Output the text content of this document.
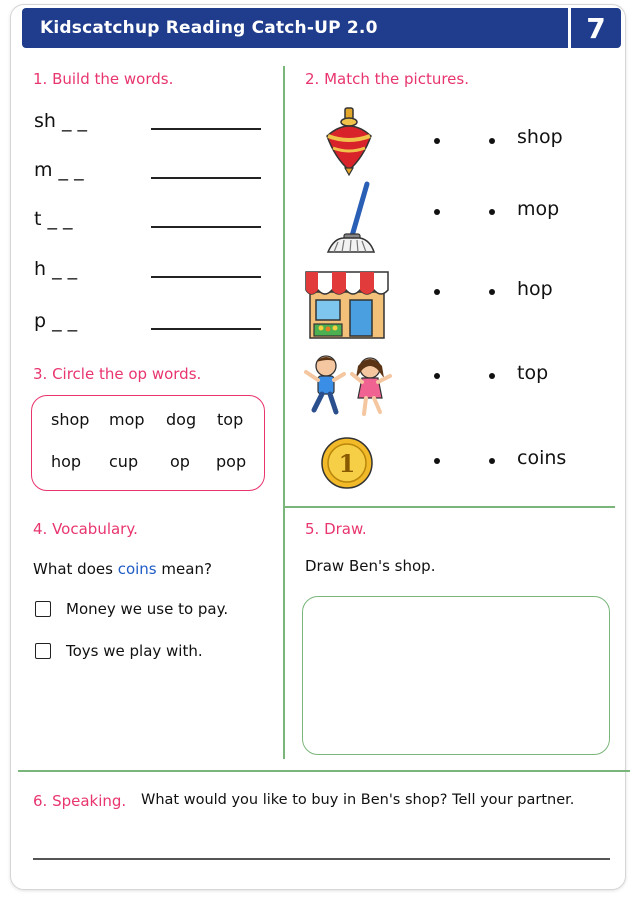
Kidscatchup Reading Catch-UP 2.0	7
1. Build the words.
sh _ _
m _ _
t _ _
h _ _
p _ _
3. Circle the op words.
shop mop dog top
hop cup op pop
2. Match the pictures.
1
shop
mop
hop
top
coins
4. Vocabulary.
What does coins mean?
Money we use to pay.
Toys we play with.
5. Draw.
Draw Ben's shop.
6. Speaking. What would you like to buy in Ben's shop? Tell your partner.
